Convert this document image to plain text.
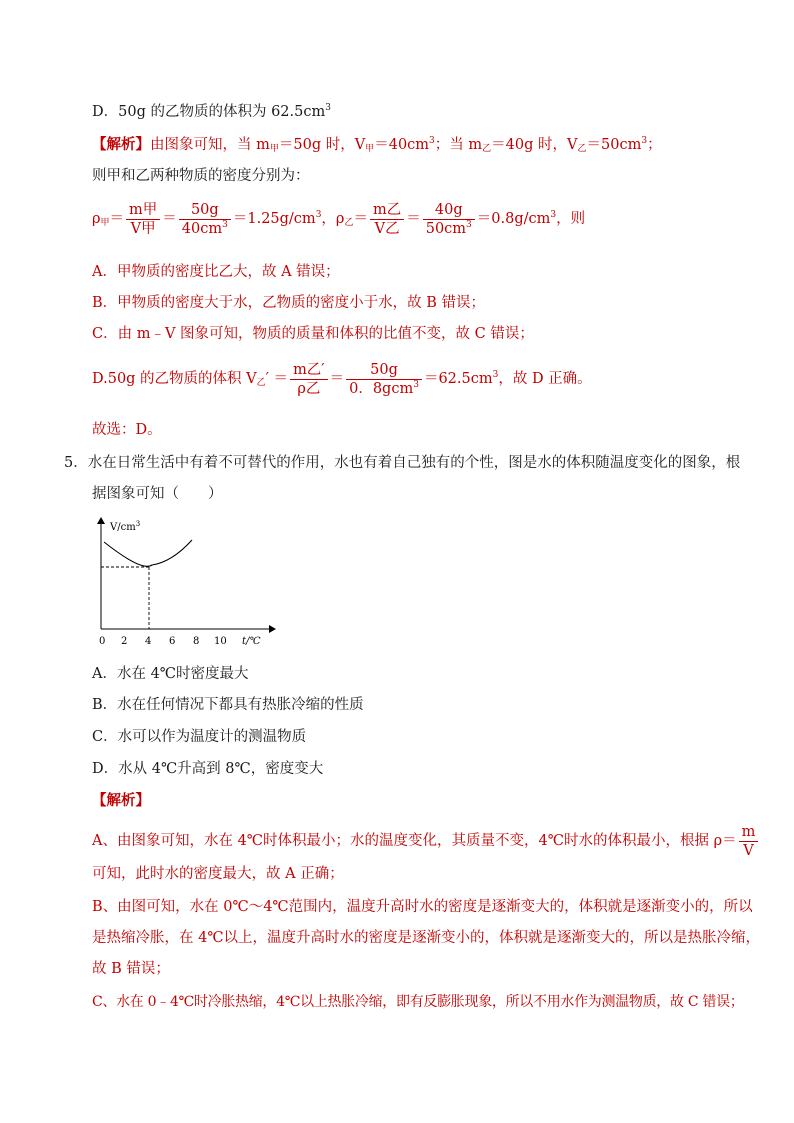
D．50g 的乙物质的体积为 $62.5cm^3$
【解析】由图象可知，当 $m_甲=50g$ 时，$V_甲=40cm^3$；当 $m_乙=40g$ 时，$V_乙=50cm^3$；
则甲和乙两种物质的密度分别为：
$\rho_甲= \frac{\text{m甲}}{\text{V甲}} = \frac{50g}{40cm^3} =1.25g/cm^3$，$\rho_乙= \frac{\text{m乙}}{\text{V乙}} = \frac{40g}{50cm^3} =0.8g/cm^3$，则
A．甲物质的密度比乙大，故 A 错误；
B．甲物质的密度大于水，乙物质的密度小于水，故 B 错误；
C．由 m﹣V 图象可知，物质的质量和体积的比值不变，故 C 错误；
D.50g 的乙物质的体积 $V_乙' = \frac{\text{m乙′}}{\text{ρ乙}} = \frac{50g}{0.8gcm^3} =62.5cm^3$，故 D 正确。
故选：D。
5．水在日常生活中有着不可替代的作用，水也有着自己独有的个性，图是水的体积随温度变化的图象，根
据图象可知（　　）
$V/cm^3$
0 2 4 6 8 10 t/℃
A．水在 4℃时密度最大
B．水在任何情况下都具有热胀冷缩的性质
C．水可以作为温度计的测温物质
D．水从 4℃升高到 8℃，密度变大
【解析】
A、由图象可知，水在 4℃时体积最小；水的温度变化，其质量不变，4℃时水的体积最小，根据 $\rho= \frac{m}{V}$
可知，此时水的密度最大，故 A 正确；
B、由图可知，水在 0℃～4℃范围内，温度升高时水的密度是逐渐变大的，体积就是逐渐变小的，所以
是热缩冷胀，在 4℃以上，温度升高时水的密度是逐渐变小的，体积就是逐渐变大的，所以是热胀冷缩，
故 B 错误；
C、水在 0﹣4℃时冷胀热缩，4℃以上热胀冷缩，即有反膨胀现象，所以不用水作为测温物质，故 C 错误；
